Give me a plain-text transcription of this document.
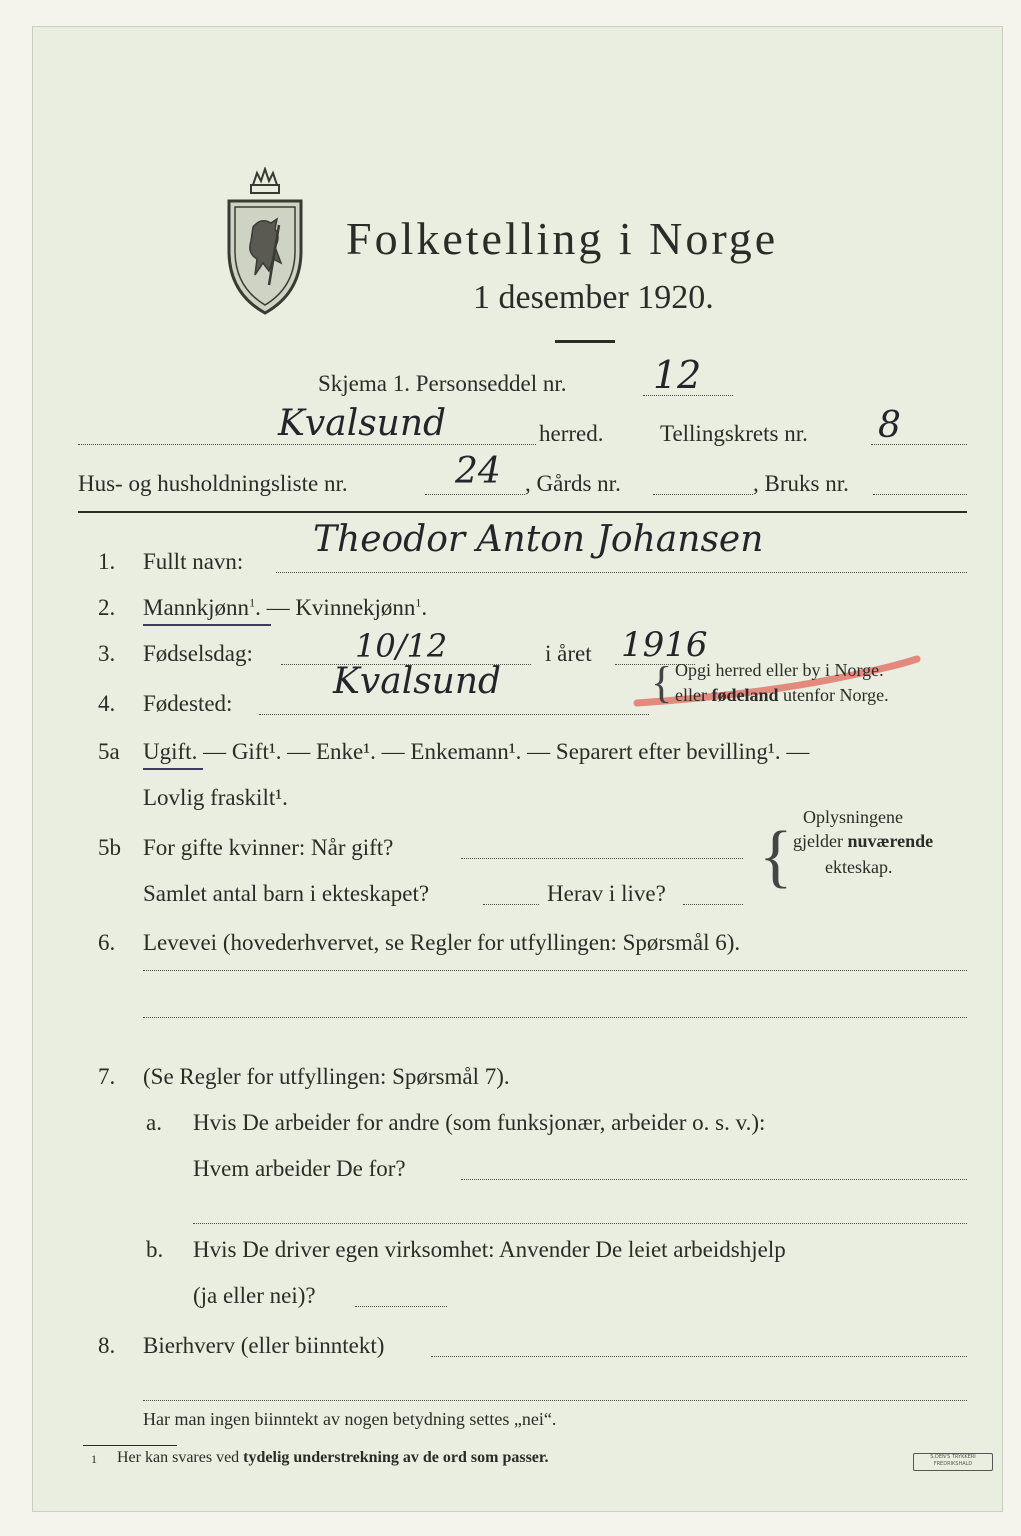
Folketelling i Norge
1 desember 1920.
Skjema 1. Personseddel nr. 12
Kvalsund	herred. Tellingskrets nr. 8
Hus- og husholdningsliste nr.	24 , Gårds nr.	, Bruks nr.
1. Fullt navn:
Theodor Anton Johansen
2. Mannkjønn$^1$. — Kvinnekjønn$^1$.
3. Fødselsdag:	10/12	i året 1916
4. Fødested:
Kvalsund	{ Opgi herred eller by i Norge.
eller fødeland utenfor Norge.
5a Ugift. — Gift¹. — Enke¹. — Enkemann¹. — Separert efter bevilling¹. —
Lovlig fraskilt¹.
5b For gifte kvinner: Når gift?
Samlet antal barn i ekteskapet?	Herav i live? {
Oplysningene
gjelder nuværende
ekteskap.
6. Levevei (hovederhvervet, se Regler for utfyllingen: Spørsmål 6).
7. (Se Regler for utfyllingen: Spørsmål 7).
a. Hvis De arbeider for andre (som funksjonær, arbeider o. s. v.):
Hvem arbeider De for?
b. Hvis De driver egen virksomhet: Anvender De leiet arbeidshjelp
(ja eller nei)?
8. Bierhverv (eller biinntekt)
Har man ingen biinntekt av nogen betydning settes „nei“.
1 Her kan svares ved tydelig understrekning av de ord som passer.	S.DEN'S TRYKKERI FREDRIKSHALD
